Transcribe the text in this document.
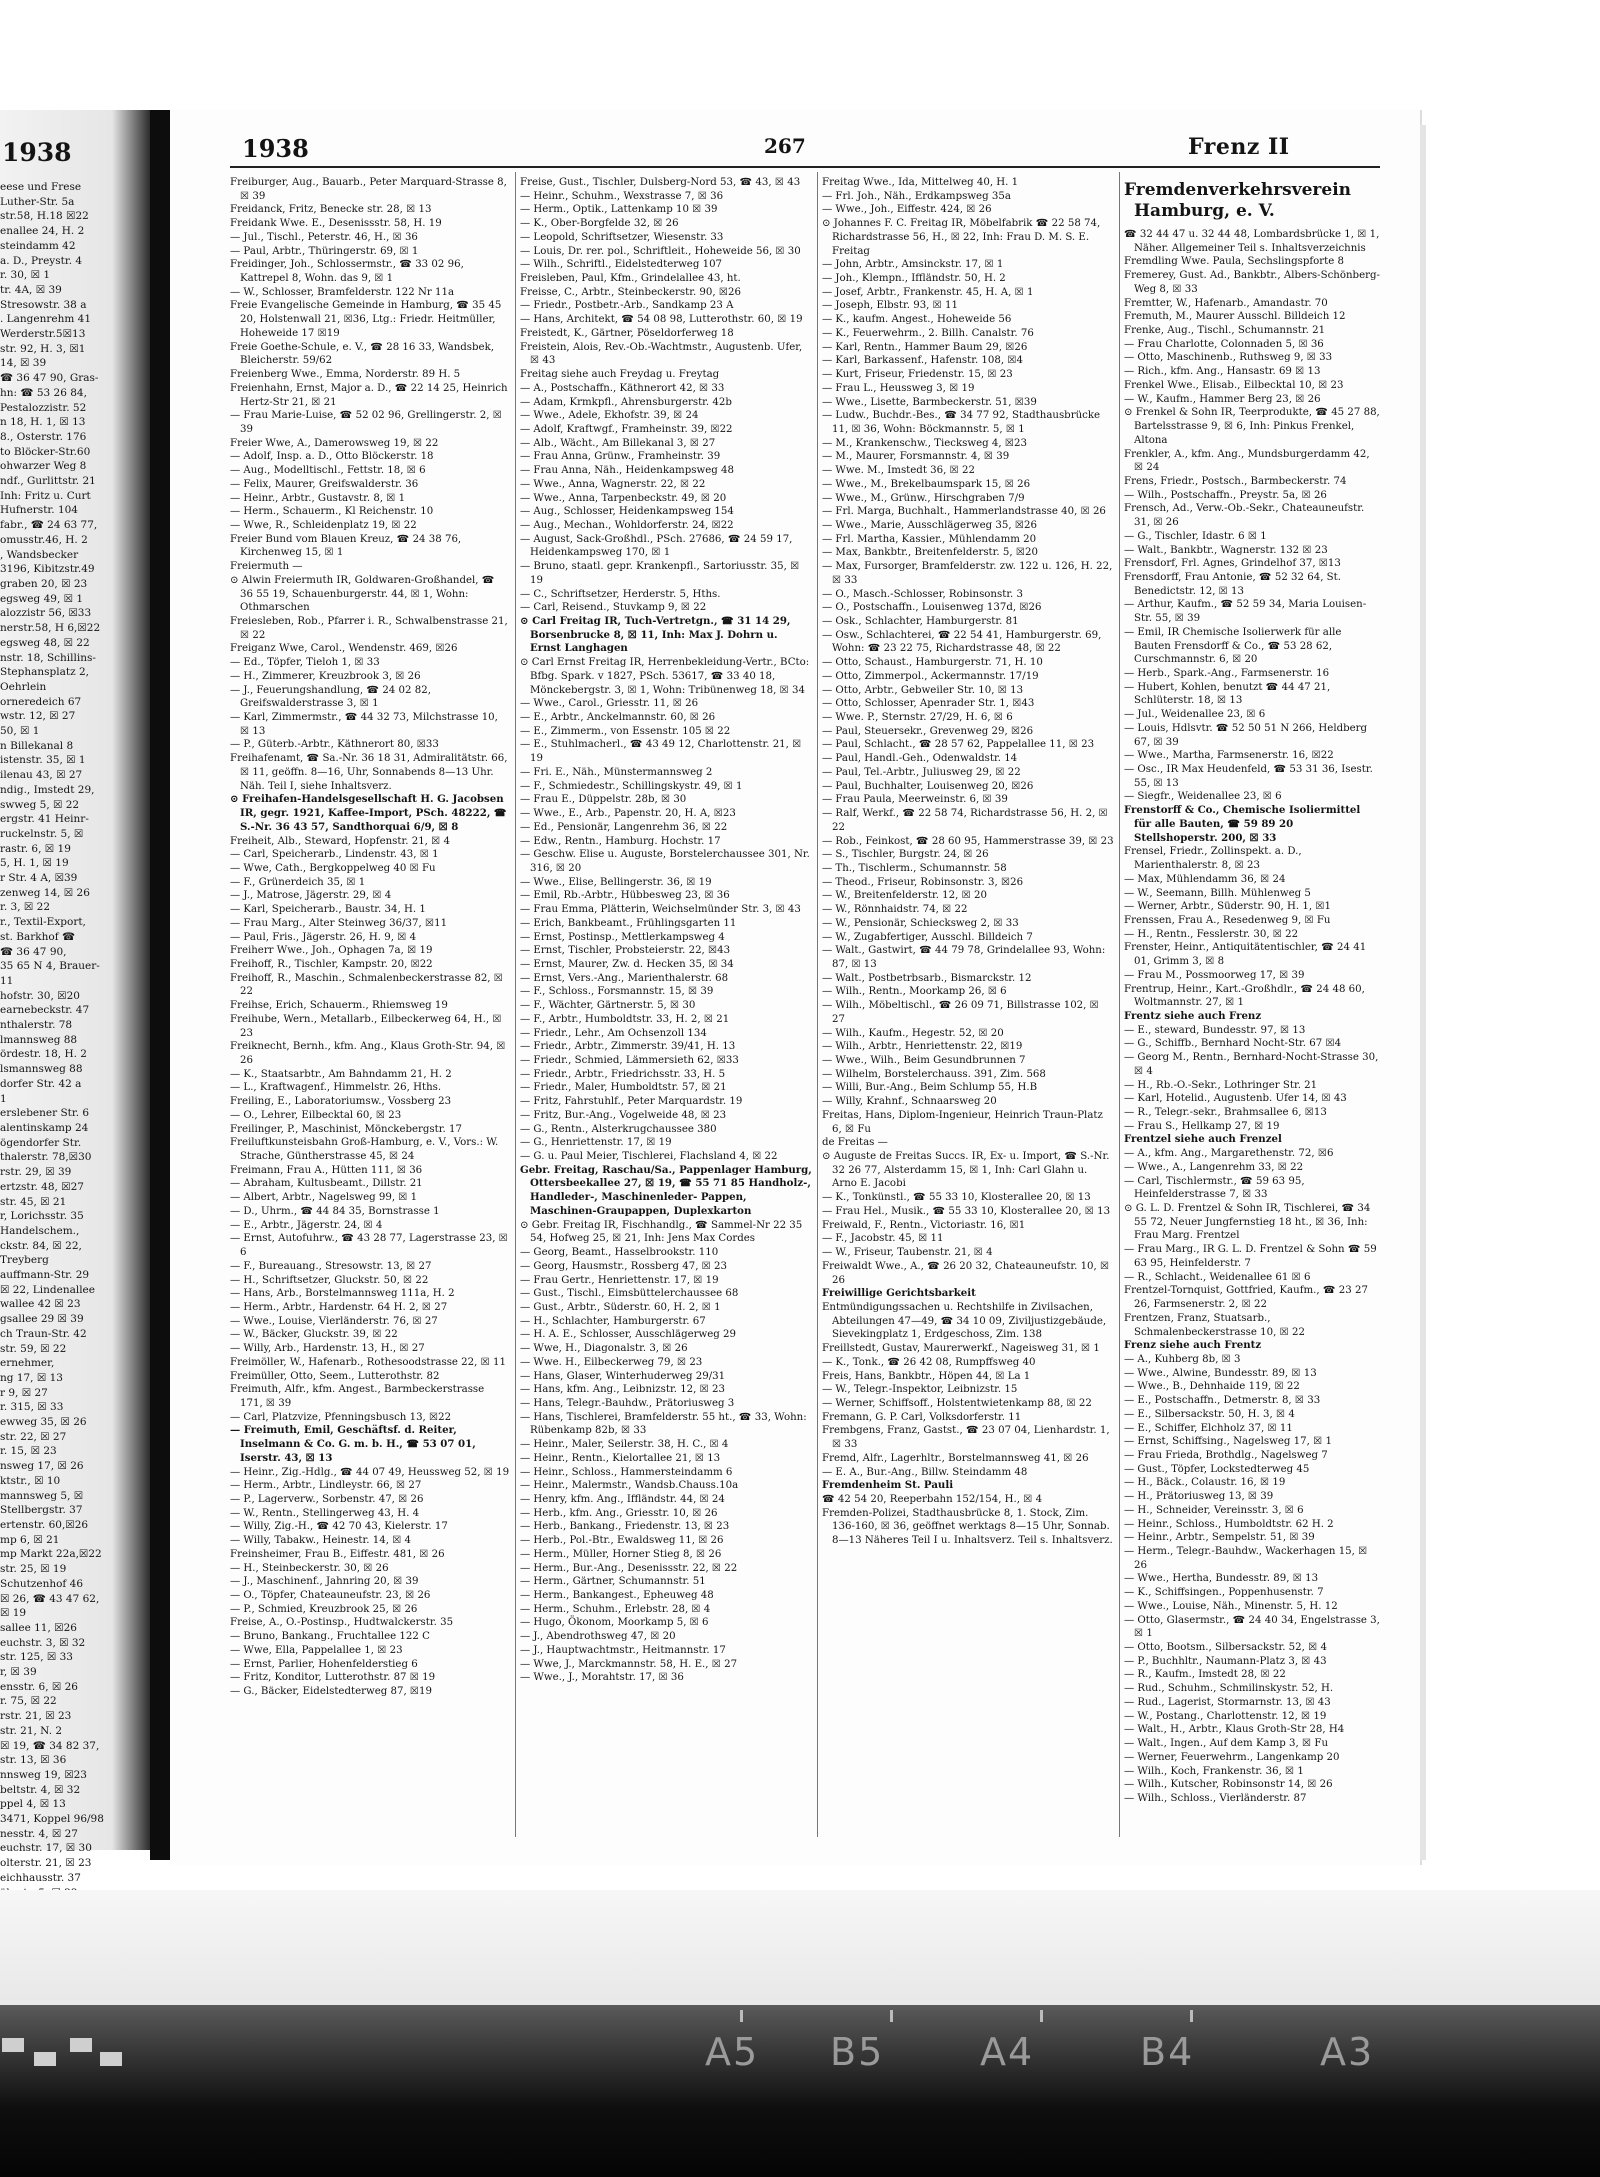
1938
eese und Frese
Luther-Str. 5a
str.58, H.18 ☒22
enallee 24, H. 2
steindamm 42
a. D., Preystr. 4
r. 30, ☒ 1
tr. 4A, ☒ 39
Stresowstr. 38 a
. Langenrehm 41
Werderstr.5☒13
str. 92, H. 3, ☒1
14, ☒ 39
☎ 36 47 90, Gras-
hn: ☎ 53 26 84,
Pestalozzistr. 52
n 18, H. 1, ☒ 13
8., Osterstr. 176
to Blöcker-Str.60
ohwarzer Weg 8
ndf., Gurlittstr. 21
Inh: Fritz u. Curt
Hufnerstr. 104
fabr., ☎ 24 63 77,
omusstr.46, H. 2
, Wandsbecker
3196, Kibitzstr.49
graben 20, ☒ 23
egsweg 49, ☒ 1
alozzistr 56, ☒33
nerstr.58, H 6,☒22
egsweg 48, ☒ 22
nstr. 18, Schillins-
Stephansplatz 2,
Oehrlein
orneredeich 67
wstr. 12, ☒ 27
50, ☒ 1
n Billekanal 8
istenstr. 35, ☒ 1
ilenau 43, ☒ 27
ndig., Imstedt 29,
swweg 5, ☒ 22
ergstr. 41 Heinr-
ruckelnstr. 5, ☒
rastr. 6, ☒ 19
5, H. 1, ☒ 19
r Str. 4 A, ☒39
zenweg 14, ☒ 26
r. 3, ☒ 22
r., Textil-Export,
st. Barkhof ☎
☎ 36 47 90,
35 65 N 4, Brauer-
11
hofstr. 30, ☒20
earnebeckstr. 47
nthalerstr. 78
lmannsweg 88
ördestr. 18, H. 2
lsmannsweg 88
dorfer Str. 42 a
1
erslebener Str. 6
alentinskamp 24
ögendorfer Str.
thalerstr. 78,☒30
rstr. 29, ☒ 39
ertzstr. 48, ☒27
str. 45, ☒ 21
r, Lorichsstr. 35
Handelschem.,
ckstr. 84, ☒ 22,
Treyberg
auffmann-Str. 29
☒ 22, Lindenallee
wallee 42 ☒ 23
gsallee 29 ☒ 39
ch Traun-Str. 42
str. 59, ☒ 22
ernehmer,
ng 17, ☒ 13
r 9, ☒ 27
r. 315, ☒ 33
ewweg 35, ☒ 26
str. 22, ☒ 27
r. 15, ☒ 23
nsweg 17, ☒ 26
ktstr., ☒ 10
mannsweg 5, ☒
Stellbergstr. 37
ertenstr. 60,☒26
mp 6, ☒ 21
mp Markt 22a,☒22
str. 25, ☒ 19
Schutzenhof 46
☒ 26, ☎ 43 47 62,
☒ 19
sallee 11, ☒26
euchstr. 3, ☒ 32
str. 125, ☒ 33
r, ☒ 39
ensstr. 6, ☒ 26
r. 75, ☒ 22
rstr. 21, ☒ 23
str. 21, N. 2
☒ 19, ☎ 34 82 37,
str. 13, ☒ 36
nnsweg 19, ☒23
beltstr. 4, ☒ 32
ppel 4, ☒ 13
3471, Koppel 96/98
nesstr. 4, ☒ 27
euchstr. 17, ☒ 30
olterstr. 21, ☒ 23
eichhausstr. 37
1938	267	Frenz II

Freiburger, Aug., Bauarb., Peter Marquard-Strasse 8, ☒ 39

Freidanck, Fritz, Benecke str. 28, ☒ 13

Freidank Wwe. E., Desenissstr. 58, H. 19

— Jul., Tischl., Peterstr. 46, H., ☒ 36

— Paul, Arbtr., Thüringerstr. 69, ☒ 1

Freidinger, Joh., Schlossermstr., ☎ 33 02 96, Kattrepel 8, Wohn. das 9, ☒ 1

— W., Schlosser, Bramfelderstr. 122 Nr 11a

Freie Evangelische Gemeinde in Hamburg, ☎ 35 45 20, Holstenwall 21, ☒36, Ltg.: Friedr. Heitmüller, Hoheweide 17 ☒19

Freie Goethe-Schule, e. V., ☎ 28 16 33, Wandsbek, Bleicherstr. 59/62

Freienberg Wwe., Emma, Norderstr. 89 H. 5

Freienhahn, Ernst, Major a. D., ☎ 22 14 25, Heinrich Hertz-Str 21, ☒ 21

— Frau Marie-Luise, ☎ 52 02 96, Grellingerstr. 2, ☒ 39

Freier Wwe, A., Damerowsweg 19, ☒ 22

— Adolf, Insp. a. D., Otto Blöckerstr. 18

— Aug., Modelltischl., Fettstr. 18, ☒ 6

— Felix, Maurer, Greifswalderstr. 36

— Heinr., Arbtr., Gustavstr. 8, ☒ 1

— Herm., Schauerm., Kl Reichenstr. 10

— Wwe, R., Schleidenplatz 19, ☒ 22

Freier Bund vom Blauen Kreuz, ☎ 24 38 76, Kirchenweg 15, ☒ 1

Freiermuth —

⊙ Alwin Freiermuth IR, Goldwaren-Großhandel, ☎ 36 55 19, Schauenburgerstr. 44, ☒ 1, Wohn: Othmarschen

Freiesleben, Rob., Pfarrer i. R., Schwalbenstrasse 21, ☒ 22

Freiganz Wwe, Carol., Wendenstr. 469, ☒26

— Ed., Töpfer, Tieloh 1, ☒ 33

— H., Zimmerer, Kreuzbrook 3, ☒ 26

— J., Feuerungshandlung, ☎ 24 02 82, Greifswalderstrasse 3, ☒ 1

— Karl, Zimmermstr., ☎ 44 32 73, Milchstrasse 10, ☒ 13

— P., Güterb.-Arbtr., Käthnerort 80, ☒33

Freihafenamt, ☎ Sa.-Nr. 36 18 31, Admiralitätstr. 66, ☒ 11, geöffn. 8—16, Uhr, Sonnabends 8—13 Uhr. Näh. Teil I, siehe Inhaltsverz.

⊙ Freihafen-Handelsgesellschaft H. G. Jacobsen IR, gegr. 1921, Kaffee-Import, PSch. 48222, ☎ S.-Nr. 36 43 57, Sandthorquai 6/9, ☒ 8

Freiheit, Alb., Steward, Hopfenstr. 21, ☒ 4

— Carl, Speicherarb., Lindenstr. 43, ☒ 1

— Wwe, Cath., Bergkoppelweg 40 ☒ Fu

— F., Grünerdeich 35, ☒ 1

— J., Matrose, Jägerstr. 29, ☒ 4

— Karl, Speicherarb., Baustr. 34, H. 1

— Frau Marg., Alter Steinweg 36/37, ☒11

— Paul, Fris., Jägerstr. 26, H. 9, ☒ 4

Freiherr Wwe., Joh., Ophagen 7a, ☒ 19

Freihoff, R., Tischler, Kampstr. 20, ☒22

Freihoff, R., Maschin., Schmalenbeckerstrasse 82, ☒ 22

Freihse, Erich, Schauerm., Rhiemsweg 19

Freihube, Wern., Metallarb., Eilbeckerweg 64, H., ☒ 23

Freiknecht, Bernh., kfm. Ang., Klaus Groth-Str. 94, ☒ 26

— K., Staatsarbtr., Am Bahndamm 21, H. 2

— L., Kraftwagenf., Himmelstr. 26, Hths.

Freiling, E., Laboratoriumsw., Vossberg 23

— O., Lehrer, Eilbecktal 60, ☒ 23

Freilinger, P., Maschinist, Mönckebergstr. 17

Freiluftkunsteisbahn Groß-Hamburg, e. V., Vors.: W. Strache, Güntherstrasse 45, ☒ 24

Freimann, Frau A., Hütten 111, ☒ 36

— Abraham, Kultusbeamt., Dillstr. 21

— Albert, Arbtr., Nagelsweg 99, ☒ 1

— D., Uhrm., ☎ 44 84 35, Bornstrasse 1

— E., Arbtr., Jägerstr. 24, ☒ 4

— Ernst, Autofuhrw., ☎ 43 28 77, Lagerstrasse 23, ☒ 6

— F., Bureauang., Stresowstr. 13, ☒ 27

— H., Schriftsetzer, Gluckstr. 50, ☒ 22

— Hans, Arb., Borstelmannsweg 111a, H. 2

— Herm., Arbtr., Hardenstr. 64 H. 2, ☒ 27

— Wwe., Louise, Vierländerstr. 76, ☒ 27

— W., Bäcker, Gluckstr. 39, ☒ 22

— Willy, Arb., Hardenstr. 13, H., ☒ 27

Freimöller, W., Hafenarb., Rothesoodstrasse 22, ☒ 11

Freimüller, Otto, Seem., Lutterothstr. 82

Freimuth, Alfr., kfm. Angest., Barmbeckerstrasse 171, ☒ 39

— Carl, Platzvize, Pfenningsbusch 13, ☒22

— Freimuth, Emil, Geschäftsf. d. Reiter, Inselmann & Co. G. m. b. H., ☎ 53 07 01, Iserstr. 43, ☒ 13

— Heinr., Zig.-Hdlg., ☎ 44 07 49, Heussweg 52, ☒ 19

— Herm., Arbtr., Lindleystr. 66, ☒ 27

— P., Lagerverw., Sorbenstr. 47, ☒ 26

— W., Rentn., Stellingerweg 43, H. 4

— Willy, Zig.-H., ☎ 42 70 43, Kielerstr. 17

— Willy, Tabakw., Heinestr. 14, ☒ 4

Freinsheimer, Frau B., Eiffestr. 481, ☒ 26

— H., Steinbeckerstr. 30, ☒ 26

— J., Maschinenf., Jahnring 20, ☒ 39

— O., Töpfer, Chateauneufstr. 23, ☒ 26

— P., Schmied, Kreuzbrook 25, ☒ 26

Freise, A., O.-Postinsp., Hudtwalckerstr. 35

— Bruno, Bankang., Fruchtallee 122 C

— Wwe, Ella, Pappelallee 1, ☒ 23

— Ernst, Parlier, Hohenfelderstieg 6

— Fritz, Konditor, Lutterothstr. 87 ☒ 19

— G., Bäcker, Eidelstedterweg 87, ☒19

Freise, Gust., Tischler, Dulsberg-Nord 53, ☎ 43, ☒ 43

— Heinr., Schuhm., Wexstrasse 7, ☒ 36

— Herm., Optik., Lattenkamp 10 ☒ 39

— K., Ober-Borgfelde 32, ☒ 26

— Leopold, Schriftsetzer, Wiesenstr. 33

— Louis, Dr. rer. pol., Schriftleit., Hoheweide 56, ☒ 30

— Wilh., Schriftl., Eidelstedterweg 107

Freisleben, Paul, Kfm., Grindelallee 43, ht.

Freisse, C., Arbtr., Steinbeckerstr. 90, ☒26

— Friedr., Postbetr.-Arb., Sandkamp 23 A

— Hans, Architekt, ☎ 54 08 98, Lutterothstr. 60, ☒ 19

Freistedt, K., Gärtner, Pöseldorferweg 18

Freistein, Alois, Rev.-Ob.-Wachtmstr., Augustenb. Ufer, ☒ 43

Freitag siehe auch Freydag u. Freytag

— A., Postschaffn., Käthnerort 42, ☒ 33

— Adam, Krmkpfl., Ahrensburgerstr. 42b

— Wwe., Adele, Ekhofstr. 39, ☒ 24

— Adolf, Kraftwgf., Framheinstr. 39, ☒22

— Alb., Wächt., Am Billekanal 3, ☒ 27

— Frau Anna, Grünw., Framheinstr. 39

— Frau Anna, Näh., Heidenkampsweg 48

— Wwe., Anna, Wagnerstr. 22, ☒ 22

— Wwe., Anna, Tarpenbeckstr. 49, ☒ 20

— Aug., Schlosser, Heidenkampsweg 154

— Aug., Mechan., Wohldorferstr. 24, ☒22

— August, Sack-Großhdl., PSch. 27686, ☎ 24 59 17, Heidenkampsweg 170, ☒ 1

— Bruno, staatl. gepr. Krankenpfl., Sartoriusstr. 35, ☒ 19

— C., Schriftsetzer, Herderstr. 5, Hths.

— Carl, Reisend., Stuvkamp 9, ☒ 22

⊙ Carl Freitag IR, Tuch-Vertretgn., ☎ 31 14 29, Borsenbrucke 8, ☒ 11, Inh: Max J. Dohrn u. Ernst Langhagen

⊙ Carl Ernst Freitag IR, Herrenbekleidung-Vertr., BCto: Bfbg. Spark. v 1827, PSch. 53617, ☎ 33 40 18, Mönckebergstr. 3, ☒ 1, Wohn: Tribünenweg 18, ☒ 34

— Wwe., Carol., Griesstr. 11, ☒ 26

— E., Arbtr., Anckelmannstr. 60, ☒ 26

— E., Zimmerm., von Essenstr. 105 ☒ 22

— E., Stuhlmacherl., ☎ 43 49 12, Charlottenstr. 21, ☒ 19

— Fri. E., Näh., Münstermannsweg 2

— F., Schmiedestr., Schillingskystr. 49, ☒ 1

— Frau E., Düppelstr. 28b, ☒ 30

— Wwe., E., Arb., Papenstr. 20, H. A, ☒23

— Ed., Pensionär, Langenrehm 36, ☒ 22

— Edw., Rentn., Hamburg. Hochstr. 17

— Geschw. Elise u. Auguste, Borstelerchaussee 301, Nr. 316, ☒ 20

— Wwe., Elise, Bellingerstr. 36, ☒ 19

— Emil, Rb.-Arbtr., Hübbesweg 23, ☒ 36

— Frau Emma, Plätterin, Weichselmünder Str. 3, ☒ 43

— Erich, Bankbeamt., Frühlingsgarten 11

— Ernst, Postinsp., Mettlerkampsweg 4

— Ernst, Tischler, Probsteierstr. 22, ☒43

— Ernst, Maurer, Zw. d. Hecken 35, ☒ 34

— Ernst, Vers.-Ang., Marienthalerstr. 68

— F., Schloss., Forsmannstr. 15, ☒ 39

— F., Wächter, Gärtnerstr. 5, ☒ 30

— F., Arbtr., Humboldtstr. 33, H. 2, ☒ 21

— Friedr., Lehr., Am Ochsenzoll 134

— Friedr., Arbtr., Zimmerstr. 39/41, H. 13

— Friedr., Schmied, Lämmersieth 62, ☒33

— Friedr., Arbtr., Friedrichsstr. 33, H. 5

— Friedr., Maler, Humboldtstr. 57, ☒ 21

— Fritz, Fahrstuhlf., Peter Marquardstr. 19

— Fritz, Bur.-Ang., Vogelweide 48, ☒ 23

— G., Rentn., Alsterkrugchaussee 380

— G., Henriettenstr. 17, ☒ 19

— G. u. Paul Meier, Tischlerei, Flachsland 4, ☒ 22

Gebr. Freitag, Raschau/Sa., Pappenlager Hamburg, Ottersbeekallee 27, ☒ 19, ☎ 55 71 85 Handholz-, Handleder-, Maschinenleder- Pappen, Maschinen-Graupappen, Duplexkarton

⊙ Gebr. Freitag IR, Fischhandlg., ☎ Sammel-Nr 22 35 54, Hofweg 25, ☒ 21, Inh: Jens Max Cordes

— Georg, Beamt., Hasselbrookstr. 110

— Georg, Hausmstr., Rossberg 47, ☒ 23

— Frau Gertr., Henriettenstr. 17, ☒ 19

— Gust., Tischl., Eimsbüttelerchaussee 68

— Gust., Arbtr., Süderstr. 60, H. 2, ☒ 1

— H., Schlachter, Hamburgerstr. 67

— H. A. E., Schlosser, Ausschlägerweg 29

— Wwe, H., Diagonalstr. 3, ☒ 26

— Wwe. H., Eilbeckerweg 79, ☒ 23

— Hans, Glaser, Winterhuderweg 29/31

— Hans, kfm. Ang., Leibnizstr. 12, ☒ 23

— Hans, Telegr.-Bauhdw., Prätoriusweg 3

— Hans, Tischlerei, Bramfelderstr. 55 ht., ☎ 33, Wohn: Rübenkamp 82b, ☒ 33

— Heinr., Maler, Seilerstr. 38, H. C., ☒ 4

— Heinr., Rentn., Kielortallee 21, ☒ 13

— Heinr., Schloss., Hammersteindamm 6

— Heinr., Malermstr., Wandsb.Chauss.10a

— Henry, kfm. Ang., Iffländstr. 44, ☒ 24

— Herb., kfm. Ang., Griesstr. 10, ☒ 26

— Herb., Bankang., Friedenstr. 13, ☒ 23

— Herb., Pol.-Btr., Ewaldsweg 11, ☒ 26

— Herm., Müller, Horner Stieg 8, ☒ 26

— Herm., Bur.-Ang., Desenissstr. 22, ☒ 22

— Herm., Gärtner, Schumannstr. 51

— Herm., Bankangest., Epheuweg 48

— Herm., Schuhm., Erlebstr. 28, ☒ 4

— Hugo, Ökonom, Moorkamp 5, ☒ 6

— J., Abendrothsweg 47, ☒ 20

— J., Hauptwachtmstr., Heitmannstr. 17

— Wwe, J., Marckmannstr. 58, H. E., ☒ 27

— Wwe., J., Morahtstr. 17, ☒ 36

Freitag Wwe., Ida, Mittelweg 40, H. 1

— Frl. Joh., Näh., Erdkampsweg 35a

— Wwe., Joh., Eiffestr. 424, ☒ 26

⊙ Johannes F. C. Freitag IR, Möbelfabrik ☎ 22 58 74, Richardstrasse 56, H., ☒ 22, Inh: Frau D. M. S. E. Freitag

— John, Arbtr., Amsinckstr. 17, ☒ 1

— Joh., Klempn., Iffländstr. 50, H. 2

— Josef, Arbtr., Frankenstr. 45, H. A, ☒ 1

— Joseph, Elbstr. 93, ☒ 11

— K., kaufm. Angest., Hoheweide 56

— K., Feuerwehrm., 2. Billh. Canalstr. 76

— Karl, Rentn., Hammer Baum 29, ☒26

— Karl, Barkassenf., Hafenstr. 108, ☒4

— Kurt, Friseur, Friedenstr. 15, ☒ 23

— Frau L., Heussweg 3, ☒ 19

— Wwe., Lisette, Barmbeckerstr. 51, ☒39

— Ludw., Buchdr.-Bes., ☎ 34 77 92, Stadthausbrücke 11, ☒ 36, Wohn: Böckmannstr. 5, ☒ 1

— M., Krankenschw., Tiecksweg 4, ☒23

— M., Maurer, Forsmannstr. 4, ☒ 39

— Wwe. M., Imstedt 36, ☒ 22

— Wwe., M., Brekelbaumspark 15, ☒ 26

— Wwe., M., Grünw., Hirschgraben 7/9

— Frl. Marga, Buchhalt., Hammerlandstrasse 40, ☒ 26

— Wwe., Marie, Ausschlägerweg 35, ☒26

— Frl. Martha, Kassier., Mühlendamm 20

— Max, Bankbtr., Breitenfelderstr. 5, ☒20

— Max, Fursorger, Bramfelderstr. zw. 122 u. 126, H. 22, ☒ 33

— O., Masch.-Schlosser, Robinsonstr. 3

— O., Postschaffn., Louisenweg 137d, ☒26

— Osk., Schlachter, Hamburgerstr. 81

— Osw., Schlachterei, ☎ 22 54 41, Hamburgerstr. 69, Wohn: ☎ 23 22 75, Richardstrasse 48, ☒ 22

— Otto, Schaust., Hamburgerstr. 71, H. 10

— Otto, Zimmerpol., Ackermannstr. 17/19

— Otto, Arbtr., Gebweiler Str. 10, ☒ 13

— Otto, Schlosser, Apenrader Str. 1, ☒43

— Wwe. P., Sternstr. 27/29, H. 6, ☒ 6

— Paul, Steuersekr., Grevenweg 29, ☒26

— Paul, Schlacht., ☎ 28 57 62, Pappelallee 11, ☒ 23

— Paul, Handl.-Geh., Odenwaldstr. 14

— Paul, Tel.-Arbtr., Juliusweg 29, ☒ 22

— Paul, Buchhalter, Louisenweg 20, ☒26

— Frau Paula, Meerweinstr. 6, ☒ 39

— Ralf, Werkf., ☎ 22 58 74, Richardstrasse 56, H. 2, ☒ 22

— Rob., Feinkost, ☎ 28 60 95, Hammerstrasse 39, ☒ 23

— S., Tischler, Burgstr. 24, ☒ 26

— Th., Tischlerm., Schumannstr. 58

— Theod., Friseur, Robinsonstr. 3, ☒26

— W., Breitenfelderstr. 12, ☒ 20

— W., Rönnhaidstr. 74, ☒ 22

— W., Pensionär, Schiecksweg 2, ☒ 33

— W., Zugabfertiger, Ausschl. Billdeich 7

— Walt., Gastwirt, ☎ 44 79 78, Grindelallee 93, Wohn: 87, ☒ 13

— Walt., Postbetrbsarb., Bismarckstr. 12

— Wilh., Rentn., Moorkamp 26, ☒ 6

— Wilh., Möbeltischl., ☎ 26 09 71, Billstrasse 102, ☒ 27

— Wilh., Kaufm., Hegestr. 52, ☒ 20

— Wilh., Arbtr., Henriettenstr. 22, ☒19

— Wwe., Wilh., Beim Gesundbrunnen 7

— Wilhelm, Borstelerchauss. 391, Zim. 568

— Willi, Bur.-Ang., Beim Schlump 55, H.B

— Willy, Krahnf., Schnaarsweg 20

Freitas, Hans, Diplom-Ingenieur, Heinrich Traun-Platz 6, ☒ Fu

de Freitas —

⊙ Auguste de Freitas Succs. IR, Ex- u. Import, ☎ S.-Nr. 32 26 77, Alsterdamm 15, ☒ 1, Inh: Carl Glahn u. Arno E. Jacobi

— K., Tonkünstl., ☎ 55 33 10, Klosterallee 20, ☒ 13

— Frau Hel., Musik., ☎ 55 33 10, Klosterallee 20, ☒ 13

Freiwald, F., Rentn., Victoriastr. 16, ☒1

— F., Jacobstr. 45, ☒ 11

— W., Friseur, Taubenstr. 21, ☒ 4

Freiwaldt Wwe., A., ☎ 26 20 32, Chateauneufstr. 10, ☒ 26

Freiwillige Gerichtsbarkeit

Entmündigungssachen u. Rechtshilfe in Zivilsachen, Abteilungen 47—49, ☎ 34 10 09, Ziviljustizgebäude, Sievekingplatz 1, Erdgeschoss, Zim. 138

Freillstedt, Gustav, Maurerwerkf., Nageisweg 31, ☒ 1

— K., Tonk., ☎ 26 42 08, Rumpffsweg 40

Freis, Hans, Bankbtr., Höpen 44, ☒ La 1

— W., Telegr.-Inspektor, Leibnizstr. 15

— Werner, Schiffsoff., Holstentwietenkamp 88, ☒ 22

Fremann, G. P. Carl, Volksdorferstr. 11

Frembgens, Franz, Gastst., ☎ 23 07 04, Lienhardstr. 1, ☒ 33

Fremd, Alfr., Lagerhltr., Borstelmannsweg 41, ☒ 26

— E. A., Bur.-Ang., Billw. Steindamm 48

Fremdenheim St. Pauli

☎ 42 54 20, Reeperbahn 152/154, H., ☒ 4

Fremden-Polizei, Stadthausbrücke 8, 1. Stock, Zim. 136-160, ☒ 36, geöffnet werktags 8—15 Uhr, Sonnab. 8—13 Näheres Teil I u. Inhaltsverz. Teil s. Inhaltsverz.

Fremdenverkehrsverein Hamburg, e. V.

☎ 32 44 47 u. 32 44 48, Lombardsbrücke 1, ☒ 1, Näher. Allgemeiner Teil s. Inhaltsverzeichnis

Fremdling Wwe. Paula, Sechslingspforte 8

Fremerey, Gust. Ad., Bankbtr., Albers-Schönberg-Weg 8, ☒ 33

Fremtter, W., Hafenarb., Amandastr. 70

Fremuth, M., Maurer Ausschl. Billdeich 12

Frenke, Aug., Tischl., Schumannstr. 21

— Frau Charlotte, Colonnaden 5, ☒ 36

— Otto, Maschinenb., Ruthsweg 9, ☒ 33

— Rich., kfm. Ang., Hansastr. 69 ☒ 13

Frenkel Wwe., Elisab., Eilbecktal 10, ☒ 23

— W., Kaufm., Hammer Berg 23, ☒ 26

⊙ Frenkel & Sohn IR, Teerprodukte, ☎ 45 27 88, Bartelsstrasse 9, ☒ 6, Inh: Pinkus Frenkel, Altona

Frenkler, A., kfm. Ang., Mundsburgerdamm 42, ☒ 24

Frens, Friedr., Postsch., Barmbeckerstr. 74

— Wilh., Postschaffn., Preystr. 5a, ☒ 26

Frensch, Ad., Verw.-Ob.-Sekr., Chateauneufstr. 31, ☒ 26

— G., Tischler, Idastr. 6 ☒ 1

— Walt., Bankbtr., Wagnerstr. 132 ☒ 23

Frensdorf, Frl. Agnes, Grindelhof 37, ☒13

Frensdorff, Frau Antonie, ☎ 52 32 64, St. Benedictstr. 12, ☒ 13

— Arthur, Kaufm., ☎ 52 59 34, Maria Louisen-Str. 55, ☒ 39

— Emil, IR Chemische Isolierwerk für alle Bauten Frensdorff & Co., ☎ 53 28 62, Curschmannstr. 6, ☒ 20

— Herb., Spark.-Ang., Farmsenerstr. 16

— Hubert, Kohlen, benutzt ☎ 44 47 21, Schlüterstr. 18, ☒ 13

— Jul., Weidenallee 23, ☒ 6

— Louis, Hdlsvtr. ☎ 52 50 51 N 266, Heldberg 67, ☒ 39

— Wwe., Martha, Farmsenerstr. 16, ☒22

— Osc., IR Max Heudenfeld, ☎ 53 31 36, Isestr. 55, ☒ 13

— Siegfr., Weidenallee 23, ☒ 6

Frenstorff & Co., Chemische Isoliermittel für alle Bauten, ☎ 59 89 20 Stellshoperstr. 200, ☒ 33

Frensel, Friedr., Zollinspekt. a. D., Marienthalerstr. 8, ☒ 23

— Max, Mühlendamm 36, ☒ 24

— W., Seemann, Billh. Mühlenweg 5

— Werner, Arbtr., Süderstr. 90, H. 1, ☒1

Frenssen, Frau A., Resedenweg 9, ☒ Fu

— H., Rentn., Fesslerstr. 30, ☒ 22

Frenster, Heinr., Antiquitätentischler, ☎ 24 41 01, Grimm 3, ☒ 8

— Frau M., Possmoorweg 17, ☒ 39

Frentrup, Heinr., Kart.-Großhdlr., ☎ 24 48 60, Woltmannstr. 27, ☒ 1

Frentz siehe auch Frenz

— E., steward, Bundesstr. 97, ☒ 13

— G., Schiffb., Bernhard Nocht-Str. 67 ☒4

— Georg M., Rentn., Bernhard-Nocht-Strasse 30, ☒ 4

— H., Rb.-O.-Sekr., Lothringer Str. 21

— Karl, Hotelid., Augustenb. Ufer 14, ☒ 43

— R., Telegr.-sekr., Brahmsallee 6, ☒13

— Frau S., Hellkamp 27, ☒ 19

Frentzel siehe auch Frenzel

— A., kfm. Ang., Margarethenstr. 72, ☒6

— Wwe., A., Langenrehm 33, ☒ 22

— Carl, Tischlermstr., ☎ 59 63 95, Heinfelderstrasse 7, ☒ 33

⊙ G. L. D. Frentzel & Sohn IR, Tischlerei, ☎ 34 55 72, Neuer Jungfernstieg 18 ht., ☒ 36, Inh: Frau Marg. Frentzel

— Frau Marg., IR G. L. D. Frentzel & Sohn ☎ 59 63 95, Heinfelderstr. 7

— R., Schlacht., Weidenallee 61 ☒ 6

Frentzel-Tornquist, Gottfried, Kaufm., ☎ 23 27 26, Farmsenerstr. 2, ☒ 22

Frentzen, Franz, Stuatsarb., Schmalenbeckerstrasse 10, ☒ 22

Frenz siehe auch Frentz

— A., Kuhberg 8b, ☒ 3

— Wwe., Alwine, Bundesstr. 89, ☒ 13

— Wwe., B., Dehnhaide 119, ☒ 22

— E., Postschaffn., Detmerstr. 8, ☒ 33

— E., Silbersackstr. 50, H. 3, ☒ 4

— E., Schiffer, Elchholz 37, ☒ 11

— Ernst, Schiffsing., Nagelsweg 17, ☒ 1

— Frau Frieda, Brothdlg., Nagelsweg 7

— Gust., Töpfer, Lockstedterweg 45

— H., Bäck., Colaustr. 16, ☒ 19

— H., Prätoriusweg 13, ☒ 39

— H., Schneider, Vereinsstr. 3, ☒ 6

— Heinr., Schloss., Humboldtstr. 62 H. 2

— Heinr., Arbtr., Sempelstr. 51, ☒ 39

— Herm., Telegr.-Bauhdw., Wackerhagen 15, ☒ 26

— Wwe., Hertha, Bundesstr. 89, ☒ 13

— K., Schiffsingen., Poppenhusenstr. 7

— Wwe., Louise, Näh., Minenstr. 5, H. 12

— Otto, Glasermstr., ☎ 24 40 34, Engelstrasse 3, ☒ 1

— Otto, Bootsm., Silbersackstr. 52, ☒ 4

— P., Buchhltr., Naumann-Platz 3, ☒ 43

— R., Kaufm., Imstedt 28, ☒ 22

— Rud., Schuhm., Schmilinskystr. 52, H.

— Rud., Lagerist, Stormarnstr. 13, ☒ 43

— W., Postang., Charlottenstr. 12, ☒ 19

— Walt., H., Arbtr., Klaus Groth-Str 28, H4

— Walt., Ingen., Auf dem Kamp 3, ☒ Fu

— Werner, Feuerwehrm., Langenkamp 20

— Wilh., Koch, Frankenstr. 36, ☒ 1

— Wilh., Kutscher, Robinsonstr 14, ☒ 26

— Wilh., Schloss., Vierländerstr. 87

A5 B5	A4	B4	A3
